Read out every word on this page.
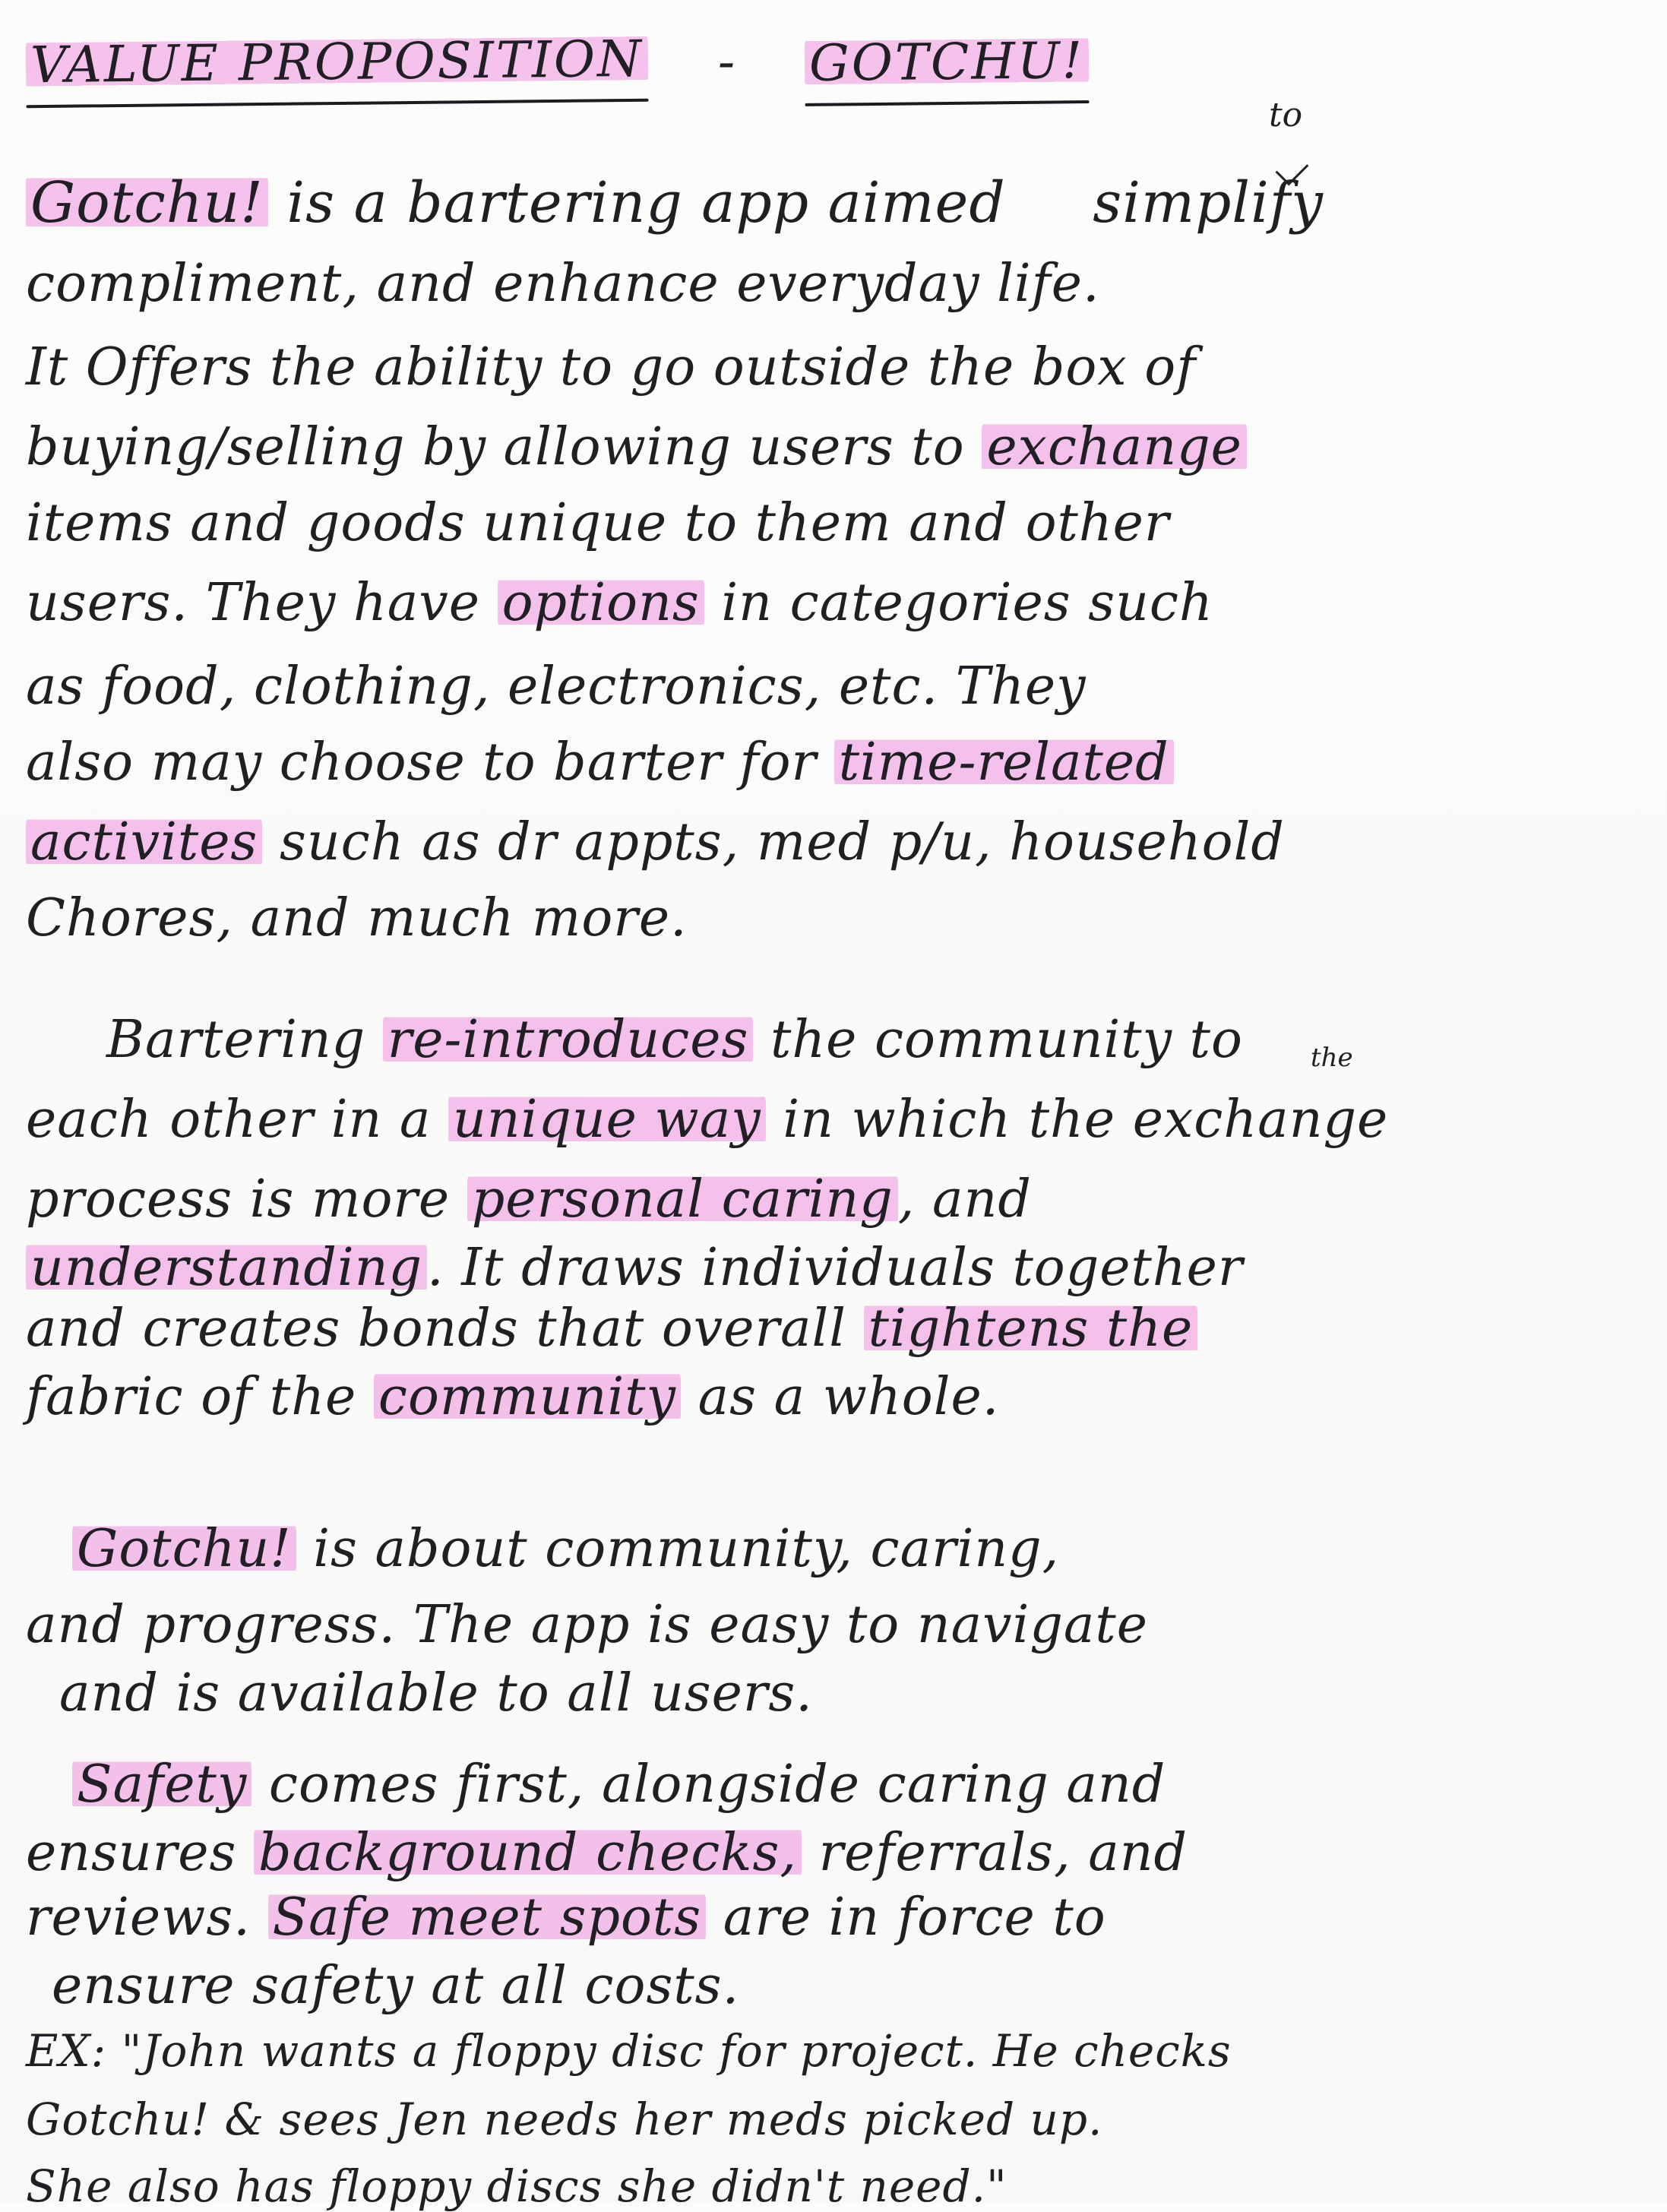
VALUE PROPOSITION - GOTCHU!
to
Gotchu! is a bartering app aimed simplify
compliment, and enhance everyday life.
It Offers the ability to go outside the box of
buying/selling by allowing users to exchange
items and goods unique to them and other
users. They have options in categories such
as food, clothing, electronics, etc. They
also may choose to barter for time-related
activites such as dr appts, med p/u, household
Chores, and much more.
the
Bartering re-introduces the community to
each other in a unique way in which the exchange
process is more personal caring, and
understanding. It draws individuals together
and creates bonds that overall tightens the
fabric of the community as a whole.
Gotchu! is about community, caring,
and progress. The app is easy to navigate
and is available to all users.
Safety comes first, alongside caring and
ensures background checks, referrals, and
reviews. Safe meet spots are in force to
ensure safety at all costs.
EX: "John wants a floppy disc for project. He checks
Gotchu! & sees Jen needs her meds picked up.
She also has floppy discs she didn't need."
